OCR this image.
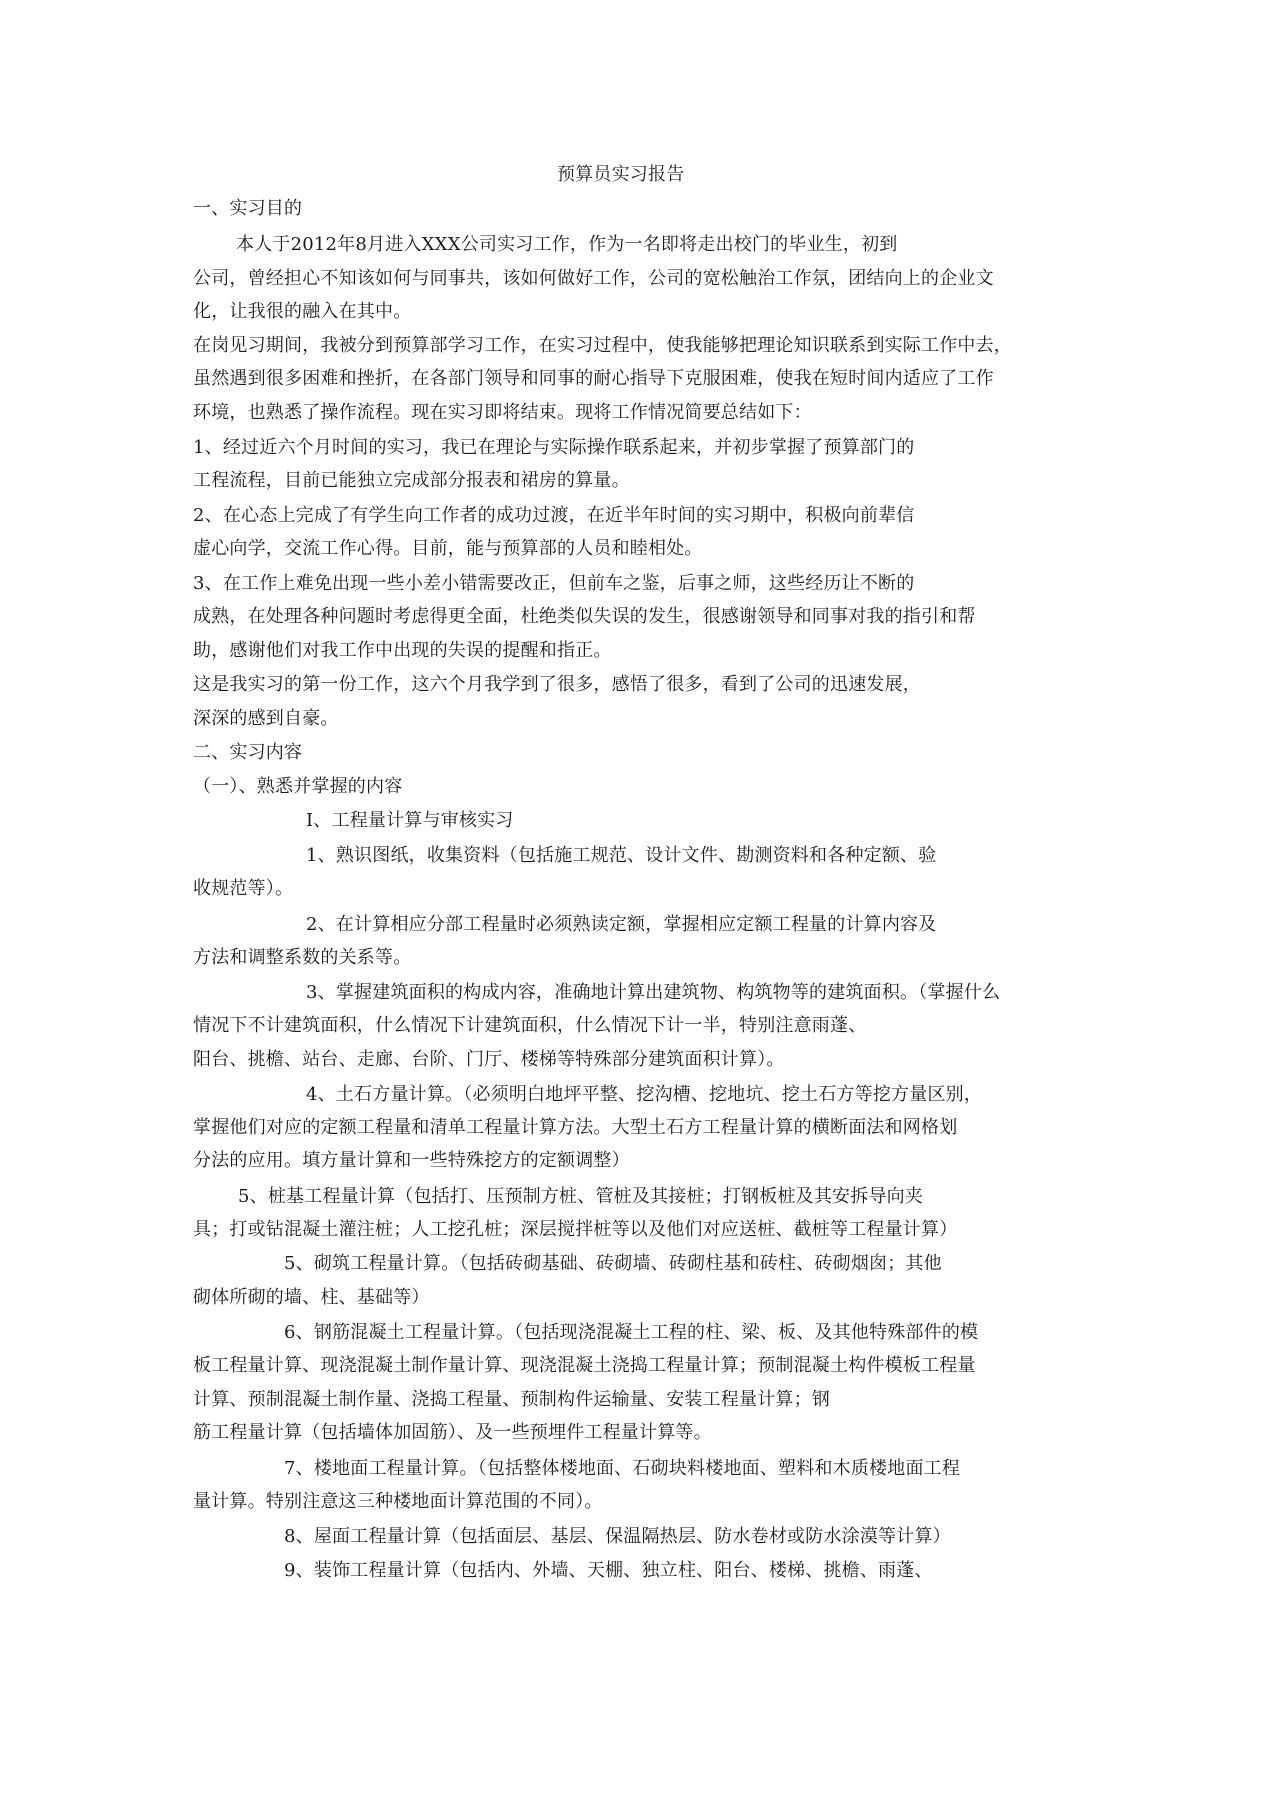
预算员实习报告
一、实习目的
本人于2012年8月进入XXX公司实习工作，作为一名即将走出校门的毕业生，初到
公司，曾经担心不知该如何与同事共，该如何做好工作，公司的宽松触治工作氛，团结向上的企业文
化，让我很的融入在其中。
在岗见习期间，我被分到预算部学习工作，在实习过程中，使我能够把理论知识联系到实际工作中去，
虽然遇到很多困难和挫折，在各部门领导和同事的耐心指导下克服困难，使我在短时间内适应了工作
环境，也熟悉了操作流程。现在实习即将结束。现将工作情况简要总结如下：
1、经过近六个月时间的实习，我已在理论与实际操作联系起来，并初步掌握了预算部门的
工程流程，目前已能独立完成部分报表和裙房的算量。
2、在心态上完成了有学生向工作者的成功过渡，在近半年时间的实习期中，积极向前辈信
虚心向学，交流工作心得。目前，能与预算部的人员和睦相处。
3、在工作上难免出现一些小差小错需要改正，但前车之鉴，后事之师，这些经历让不断的
成熟，在处理各种问题时考虑得更全面，杜绝类似失误的发生，很感谢领导和同事对我的指引和帮
助，感谢他们对我工作中出现的失误的提醒和指正。
这是我实习的第一份工作，这六个月我学到了很多，感悟了很多，看到了公司的迅速发展，
深深的感到自豪。
二、实习内容
（一）、熟悉并掌握的内容
I、工程量计算与审核实习
1、熟识图纸，收集资料（包括施工规范、设计文件、勘测资料和各种定额、验
收规范等）。
2、在计算相应分部工程量时必须熟读定额，掌握相应定额工程量的计算内容及
方法和调整系数的关系等。
3、掌握建筑面积的构成内容，准确地计算出建筑物、构筑物等的建筑面积。（掌握什么
情况下不计建筑面积，什么情况下计建筑面积，什么情况下计一半，特别注意雨蓬、
阳台、挑檐、站台、走廊、台阶、门厅、楼梯等特殊部分建筑面积计算）。
4、土石方量计算。（必须明白地坪平整、挖沟槽、挖地坑、挖土石方等挖方量区别，
掌握他们对应的定额工程量和清单工程量计算方法。大型土石方工程量计算的横断面法和网格划
分法的应用。填方量计算和一些特殊挖方的定额调整）
5、桩基工程量计算（包括打、压预制方桩、管桩及其接桩；打钢板桩及其安拆导向夹
具；打或钻混凝土灌注桩；人工挖孔桩；深层搅拌桩等以及他们对应送桩、截桩等工程量计算）
5、砌筑工程量计算。（包括砖砌基础、砖砌墙、砖砌柱基和砖柱、砖砌烟囱；其他
砌体所砌的墙、柱、基础等）
6、钢筋混凝土工程量计算。（包括现浇混凝土工程的柱、梁、板、及其他特殊部件的模
板工程量计算、现浇混凝土制作量计算、现浇混凝土浇捣工程量计算；预制混凝土构件模板工程量
计算、预制混凝土制作量、浇捣工程量、预制构件运输量、安装工程量计算；钢
筋工程量计算（包括墙体加固筋）、及一些预埋件工程量计算等。
7、楼地面工程量计算。（包括整体楼地面、石砌块料楼地面、塑料和木质楼地面工程
量计算。特别注意这三种楼地面计算范围的不同）。
8、屋面工程量计算（包括面层、基层、保温隔热层、防水卷材或防水涂漠等计算）
9、装饰工程量计算（包括内、外墙、天棚、独立柱、阳台、楼梯、挑檐、雨蓬、
